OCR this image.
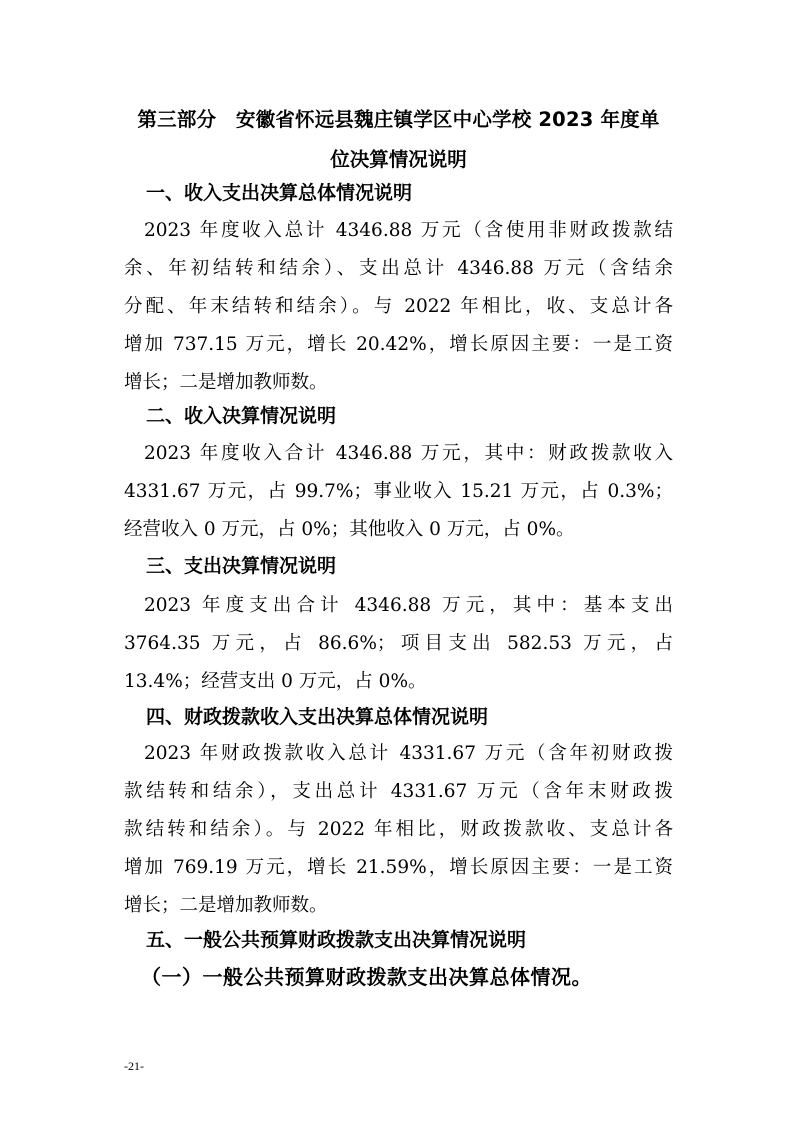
第三部分　安徽省怀远县魏庄镇学区中心学校 2023 年度单
位决算情况说明
一、收入支出决算总体情况说明
2023 年度收入总计 4346.88 万元（含使用非财政拨款结
余、年初结转和结余）、支出总计 4346.88 万元（含结余
分配、年末结转和结余）。与 2022 年相比，收、支总计各
增加 737.15 万元，增长 20.42%，增长原因主要：一是工资
增长；二是增加教师数。
二、收入决算情况说明
2023 年度收入合计 4346.88 万元，其中：财政拨款收入
4331.67 万元，占 99.7%；事业收入 15.21 万元，占 0.3%；
经营收入 0 万元，占 0%；其他收入 0 万元，占 0%。
三、支出决算情况说明
2023 年度支出合计 4346.88 万元，其中：基本支出
3764.35 万元，占 86.6%；项目支出 582.53 万元，占
13.4%；经营支出 0 万元，占 0%。
四、财政拨款收入支出决算总体情况说明
2023 年财政拨款收入总计 4331.67 万元（含年初财政拨
款结转和结余），支出总计 4331.67 万元（含年末财政拨
款结转和结余）。与 2022 年相比，财政拨款收、支总计各
增加 769.19 万元，增长 21.59%，增长原因主要：一是工资
增长；二是增加教师数。
五、一般公共预算财政拨款支出决算情况说明
（一）一般公共预算财政拨款支出决算总体情况。
-21-
